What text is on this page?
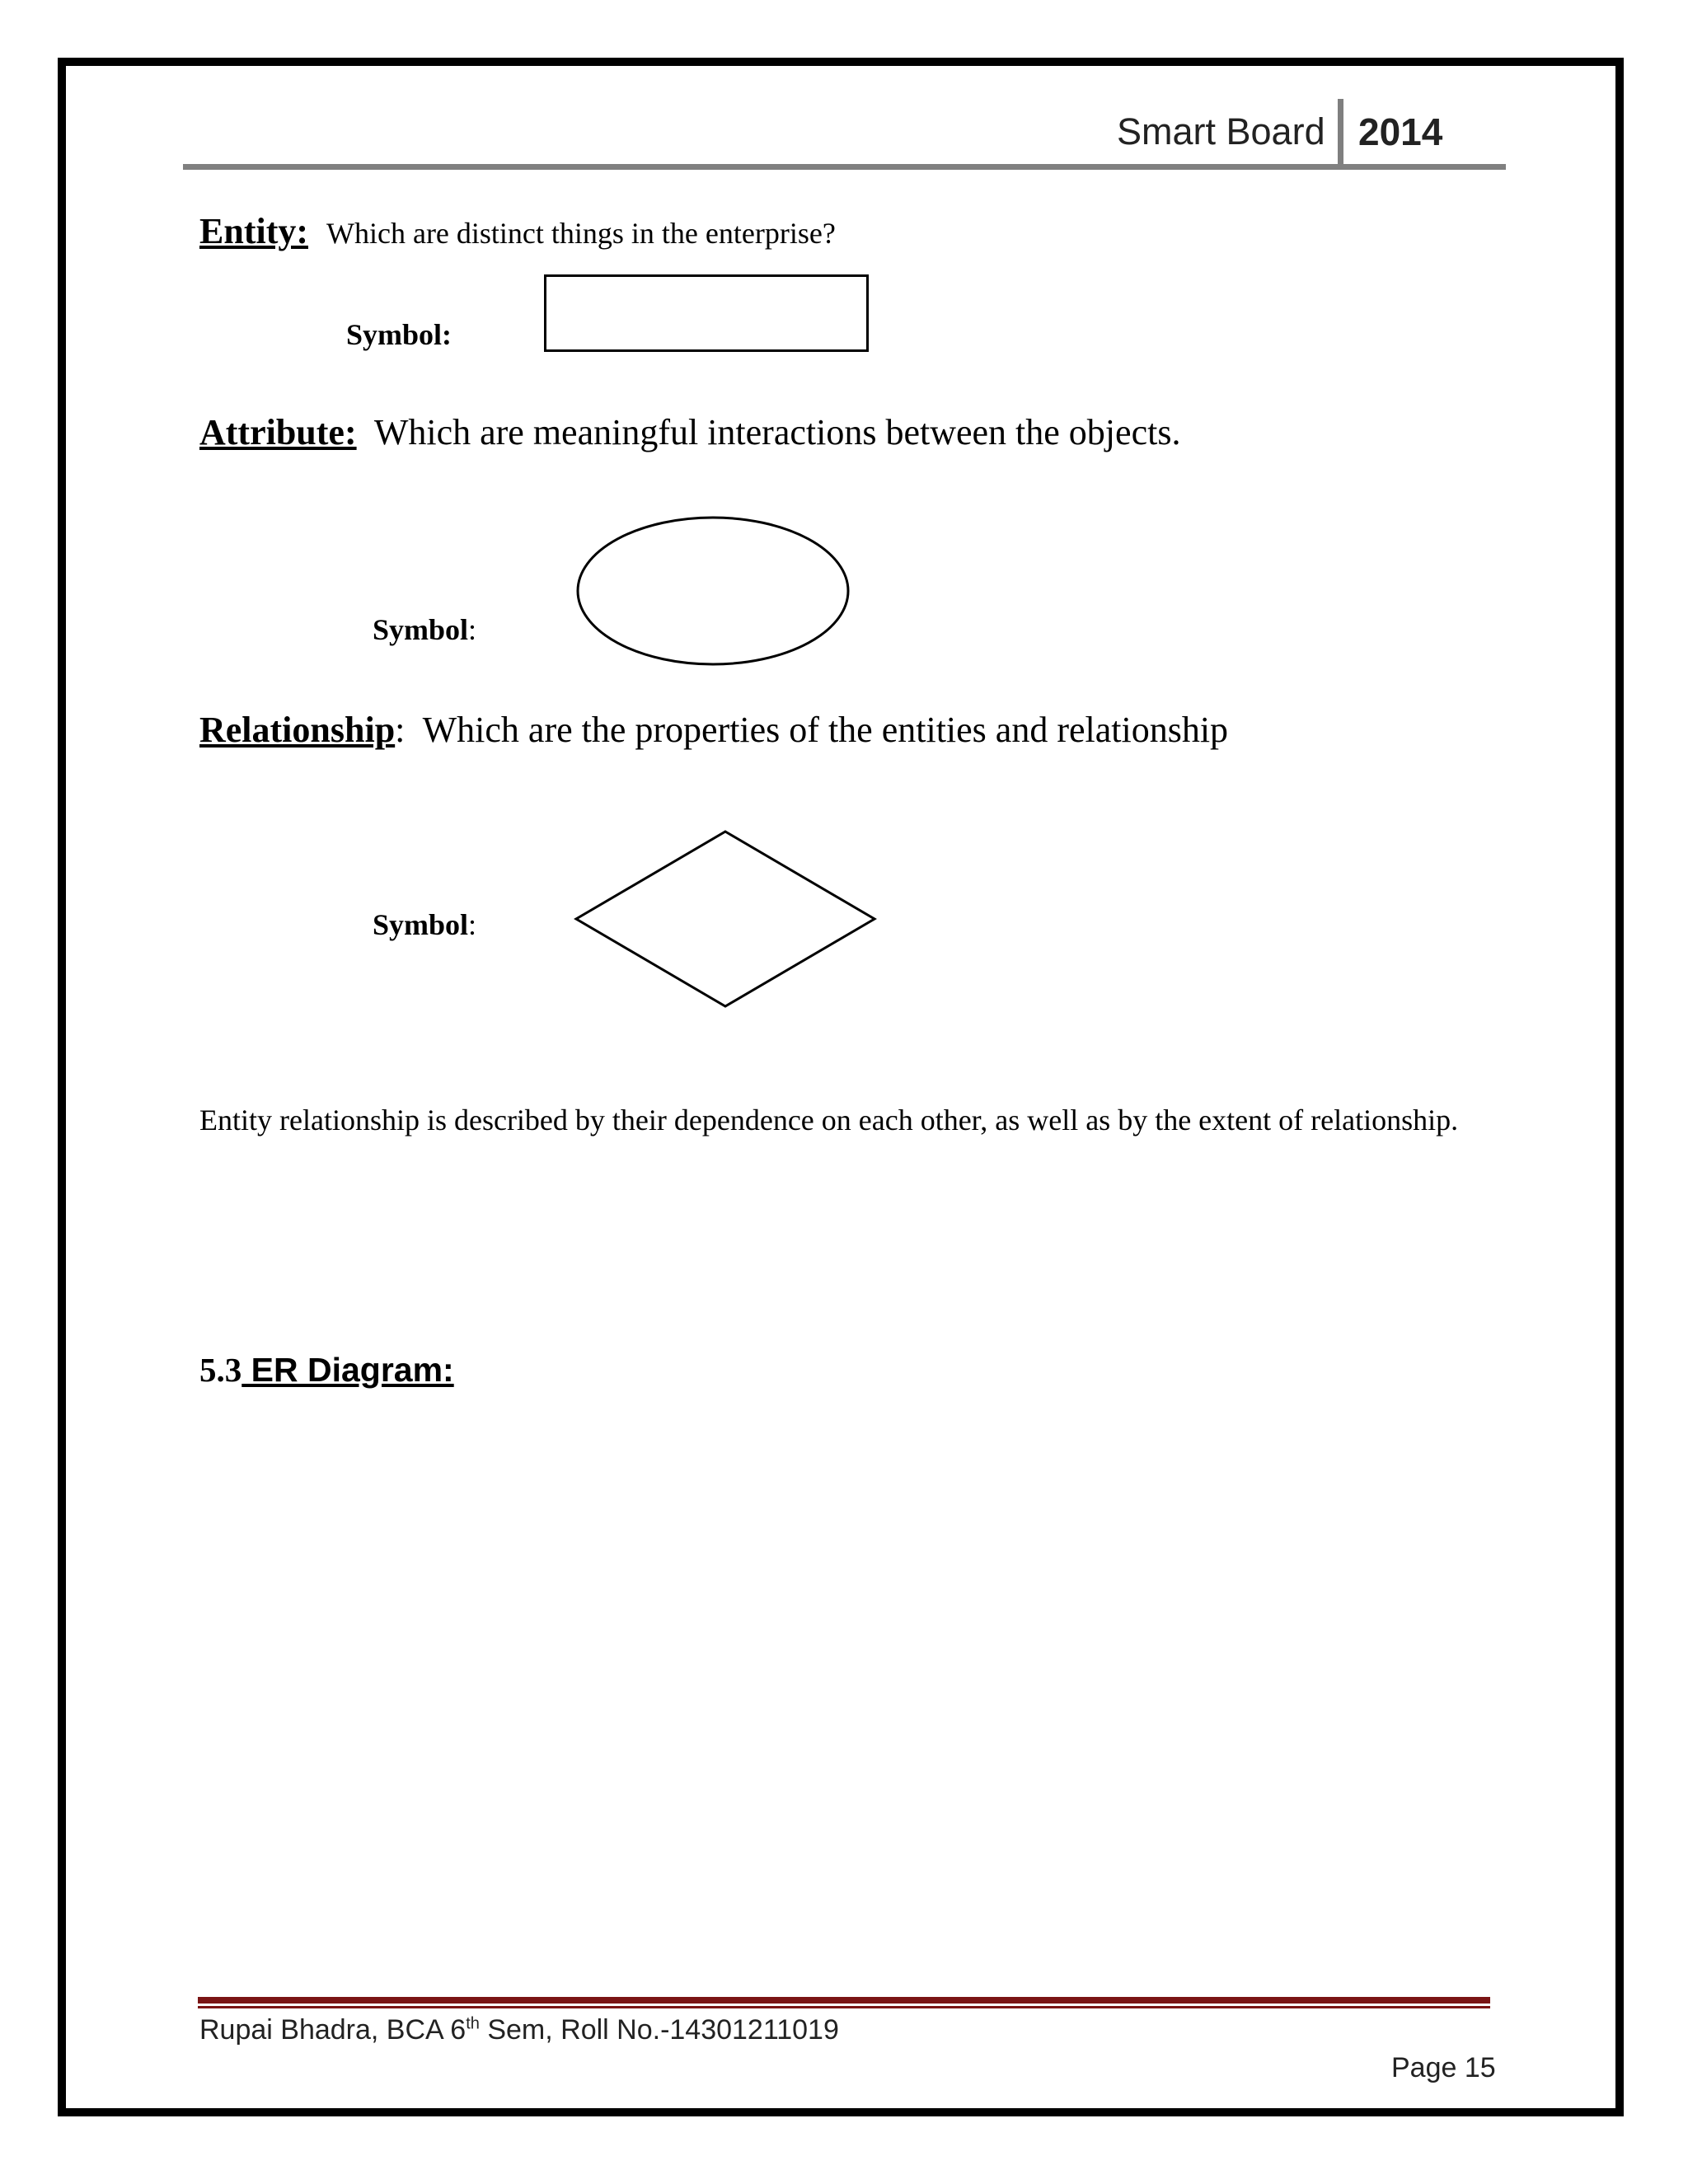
Smart Board 2014
Entity: Which are distinct things in the enterprise?
Symbol:
Attribute: Which are meaningful interactions between the objects.
Symbol:
Relationship: Which are the properties of the entities and relationship
Symbol:
Entity relationship is described by their dependence on each other, as well as by the extent of relationship.
5.3 ER Diagram:
Rupai Bhadra, BCA 6th Sem, Roll No.-14301211019
Page 15
